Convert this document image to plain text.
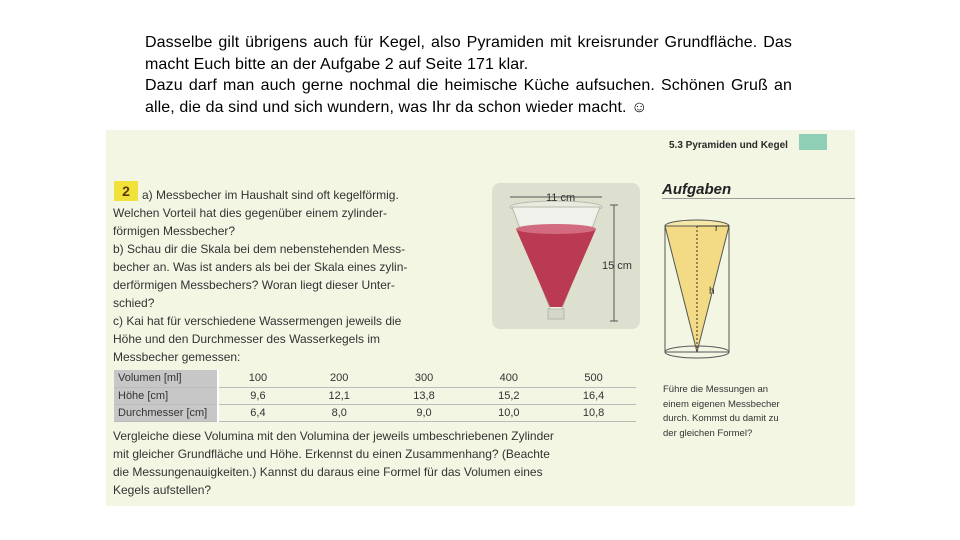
Dasselbe gilt übrigens auch für Kegel, also Pyramiden mit kreisrunder Grundfläche. Das macht Euch bitte an der Aufgabe 2 auf Seite 171 klar.

Dazu darf man auch gerne nochmal die heimische Küche aufsuchen. Schönen Gruß an alle, die da sind und sich wundern, was Ihr da schon wieder macht. ☺

5.3 Pyramiden und Kegel
Aufgaben
2	a) Messbecher im Haushalt sind oft kegelförmig.
Welchen Vorteil hat dies gegenüber einem zylinder-
förmigen Messbecher?
b) Schau dir die Skala bei dem nebenstehenden Mess-
becher an. Was ist anders als bei der Skala eines zylin-
derförmigen Messbechers? Woran liegt dieser Unter-
schied?
c) Kai hat für verschiedene Wassermengen jeweils die
Höhe und den Durchmesser des Wasserkegels im
Messbecher gemessen:
11 cm
15 cm
r
h
Volumen [ml]	100	200	300	400	500
Höhe [cm]	9,6	12,1	13,8	15,2	16,4
Durchmesser [cm]	6,4	8,0	9,0	10,0	10,8
Führe die Messungen an
einem eigenen Messbecher
durch. Kommst du damit zu
der gleichen Formel?
Vergleiche diese Volumina mit den Volumina der jeweils umbeschriebenen Zylinder
mit gleicher Grundfläche und Höhe. Erkennst du einen Zusammenhang? (Beachte
die Messungenauigkeiten.) Kannst du daraus eine Formel für das Volumen eines
Kegels aufstellen?
